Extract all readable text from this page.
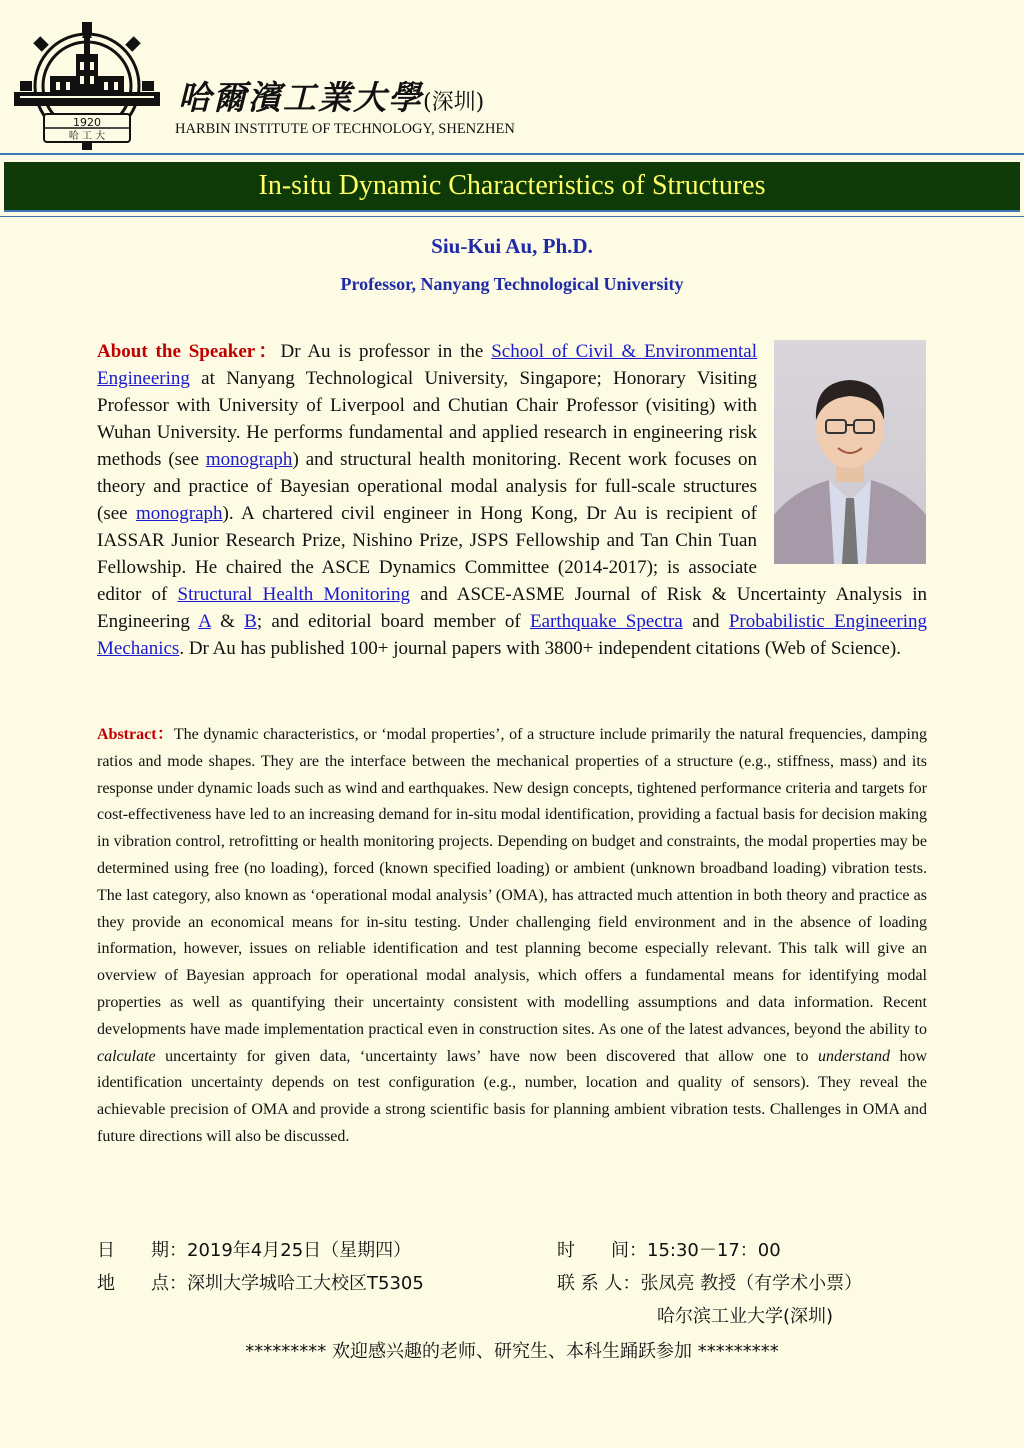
1920
哈 工 大
哈爾濱工業大學(深圳)
HARBIN INSTITUTE OF TECHNOLOGY, SHENZHEN
In-situ Dynamic Characteristics of Structures
Siu-Kui Au, Ph.D.
Professor, Nanyang Technological University
About the Speaker：Dr Au is professor in the School of Civil & Environmental Engineering at Nanyang Technological University, Singapore; Honorary Visiting Professor with University of Liverpool and Chutian Chair Professor (visiting) with Wuhan University. He performs fundamental and applied research in engineering risk methods (see monograph) and structural health monitoring. Recent work focuses on theory and practice of Bayesian operational modal analysis for full-scale structures (see monograph). A chartered civil engineer in Hong Kong, Dr Au is recipient of IASSAR Junior Research Prize, Nishino Prize, JSPS Fellowship and Tan Chin Tuan Fellowship. He chaired the ASCE Dynamics Committee (2014-2017); is associate editor of Structural Health Monitoring and ASCE-ASME Journal of Risk & Uncertainty Analysis in Engineering A & B; and editorial board member of Earthquake Spectra and Probabilistic Engineering Mechanics. Dr Au has published 100+ journal papers with 3800+ independent citations (Web of Science).
Abstract：The dynamic characteristics, or ‘modal properties’, of a structure include primarily the natural frequencies, damping ratios and mode shapes. They are the interface between the mechanical properties of a structure (e.g., stiffness, mass) and its response under dynamic loads such as wind and earthquakes. New design concepts, tightened performance criteria and targets for cost-effectiveness have led to an increasing demand for in-situ modal identification, providing a factual basis for decision making in vibration control, retrofitting or health monitoring projects. Depending on budget and constraints, the modal properties may be determined using free (no loading), forced (known specified loading) or ambient (unknown broadband loading) vibration tests. The last category, also known as ‘operational modal analysis’ (OMA), has attracted much attention in both theory and practice as they provide an economical means for in-situ testing. Under challenging field environment and in the absence of loading information, however, issues on reliable identification and test planning become especially relevant. This talk will give an overview of Bayesian approach for operational modal analysis, which offers a fundamental means for identifying modal properties as well as quantifying their uncertainty consistent with modelling assumptions and data information. Recent developments have made implementation practical even in construction sites. As one of the latest advances, beyond the ability to calculate uncertainty for given data, ‘uncertainty laws’ have now been discovered that allow one to understand how identification uncertainty depends on test configuration (e.g., number, location and quality of sensors). They reveal the achievable precision of OMA and provide a strong scientific basis for planning ambient vibration tests. Challenges in OMA and future directions will also be discussed.
日　　期：2019年4月25日（星期四）	时　　间：15:30－17：00
地　　点：深圳大学城哈工大校区T5305	联 系 人：张凤亮 教授（有学术小票）
哈尔滨工业大学(深圳)
********* 欢迎感兴趣的老师、研究生、本科生踊跃参加 *********
